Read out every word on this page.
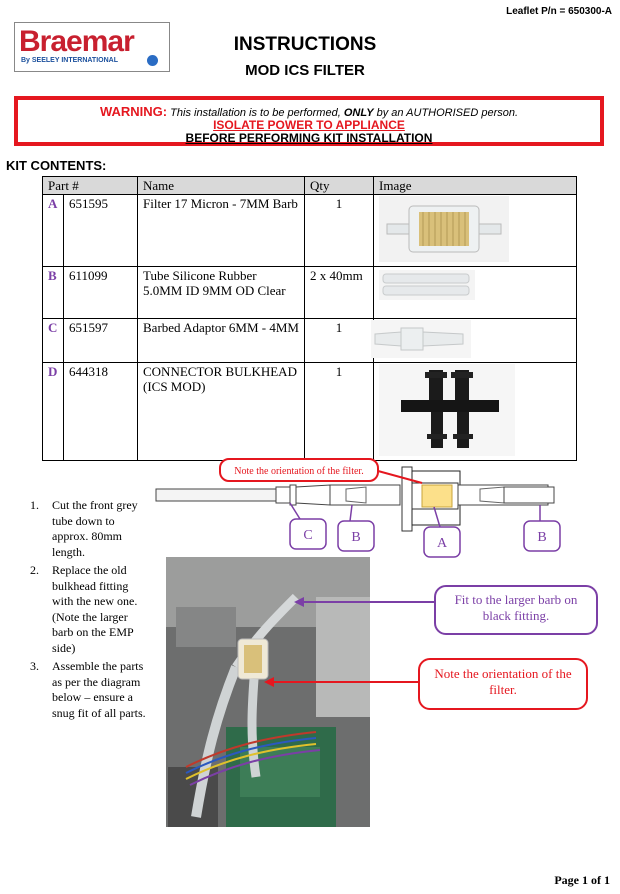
Leaflet P/n = 650300-A
Braemar
By SEELEY INTERNATIONAL
INSTRUCTIONS
MOD ICS FILTER
WARNING: This installation is to be performed, ONLY by an AUTHORISED person.
ISOLATE POWER TO APPLIANCE
BEFORE PERFORMING KIT INSTALLATION
KIT CONTENTS:
Part #		Name	Qty	Image
A	651595	Filter 17 Micron - 7MM Barb	1	
B	611099	Tube Silicone Rubber 5.0MM ID 9MM OD Clear	2 x 40mm	
C	651597	Barbed Adaptor 6MM - 4MM	1	
D	644318	CONNECTOR BULKHEAD (ICS MOD)	1	
Note the orientation of the filter.
C	B	A	B
1. Cut the front grey tube down to approx. 80mm length.
2. Replace the old bulkhead fitting with the new one. (Note the larger barb on the EMP side)
3. Assemble the parts as per the diagram below – ensure a snug fit of all parts.
Fit to the larger barb on black fitting.
Note the orientation of the filter.
Page 1 of 1
